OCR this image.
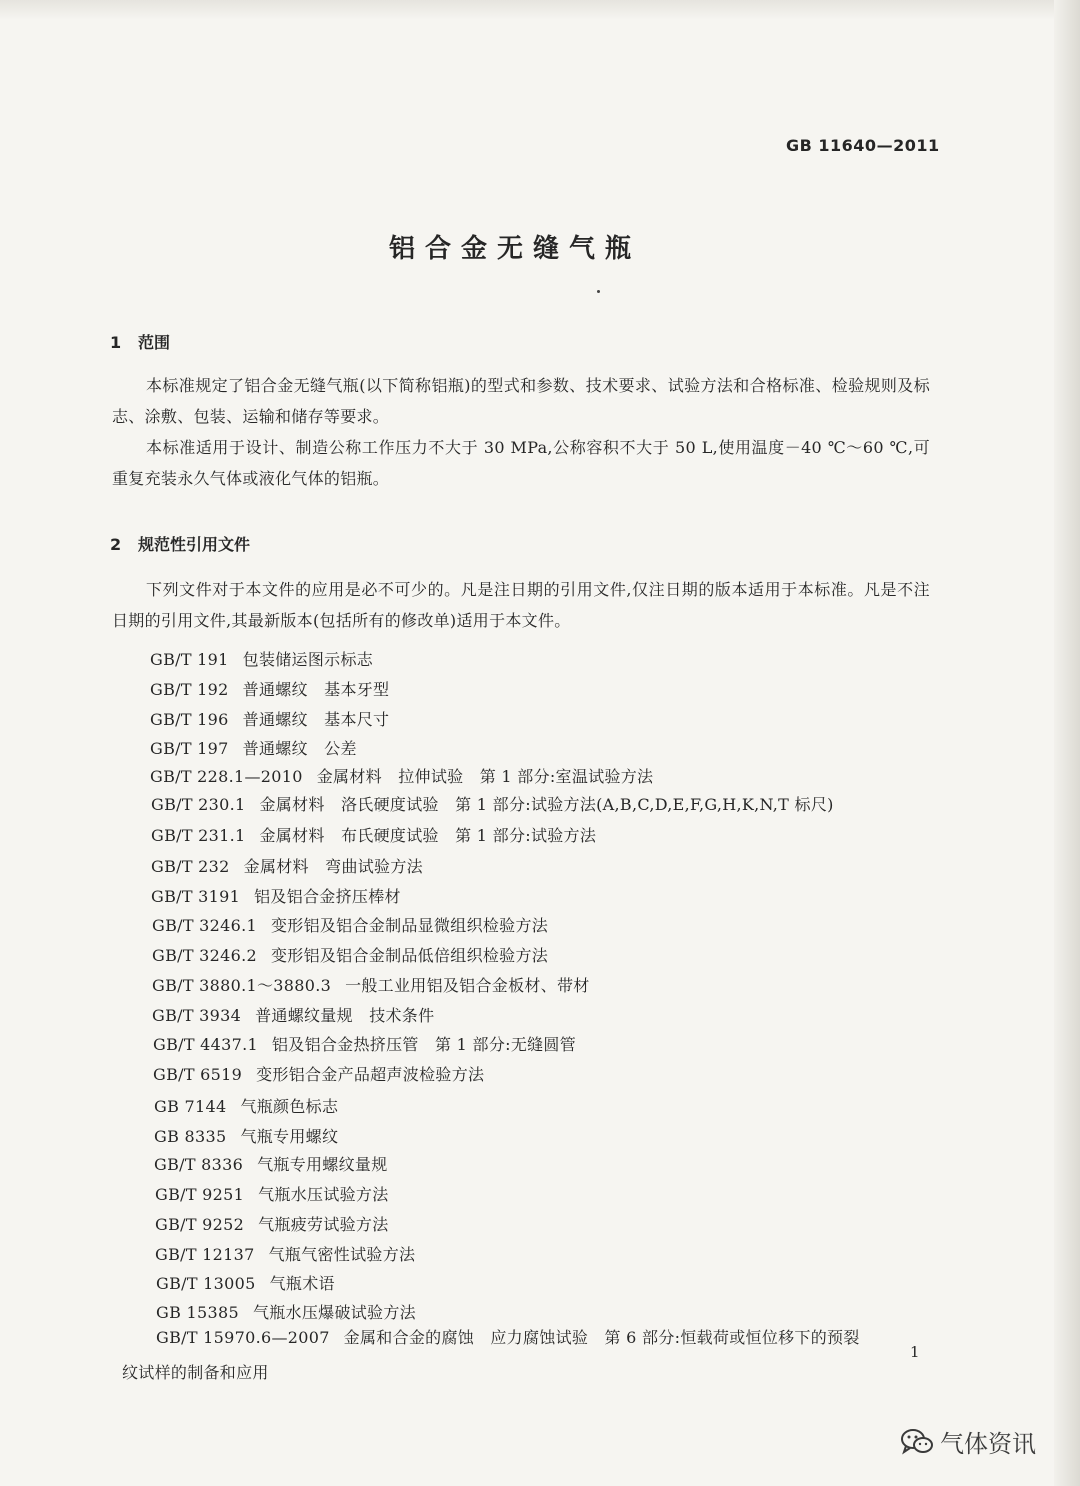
GB 11640—2011
铝合金无缝气瓶
1 范围
本标准规定了铝合金无缝气瓶(以下简称铝瓶)的型式和参数、技术要求、试验方法和合格标准、检验规则及标志、涂敷、包装、运输和储存等要求。
本标准适用于设计、制造公称工作压力不大于 30 MPa,公称容积不大于 50 L,使用温度－40 ℃～60 ℃,可重复充装永久气体或液化气体的铝瓶。
2 规范性引用文件
下列文件对于本文件的应用是必不可少的。凡是注日期的引用文件,仅注日期的版本适用于本标准。凡是不注日期的引用文件,其最新版本(包括所有的修改单)适用于本文件。
GB/T 191 包装储运图示标志
GB/T 192 普通螺纹　基本牙型
GB/T 196 普通螺纹　基本尺寸
GB/T 197 普通螺纹　公差
GB/T 228.1—2010 金属材料　拉伸试验　第 1 部分:室温试验方法
GB/T 230.1 金属材料　洛氏硬度试验　第 1 部分:试验方法(A,B,C,D,E,F,G,H,K,N,T 标尺)
GB/T 231.1 金属材料　布氏硬度试验　第 1 部分:试验方法
GB/T 232 金属材料　弯曲试验方法
GB/T 3191 铝及铝合金挤压棒材
GB/T 3246.1 变形铝及铝合金制品显微组织检验方法
GB/T 3246.2 变形铝及铝合金制品低倍组织检验方法
GB/T 3880.1～3880.3 一般工业用铝及铝合金板材、带材
GB/T 3934 普通螺纹量规　技术条件
GB/T 4437.1 铝及铝合金热挤压管　第 1 部分:无缝圆管
GB/T 6519 变形铝合金产品超声波检验方法
GB 7144 气瓶颜色标志
GB 8335 气瓶专用螺纹
GB/T 8336 气瓶专用螺纹量规
GB/T 9251 气瓶水压试验方法
GB/T 9252 气瓶疲劳试验方法
GB/T 12137 气瓶气密性试验方法
GB/T 13005 气瓶术语
GB 15385 气瓶水压爆破试验方法
GB/T 15970.6—2007 金属和合金的腐蚀　应力腐蚀试验　第 6 部分:恒载荷或恒位移下的预裂
纹试样的制备和应用
1
气体资讯
